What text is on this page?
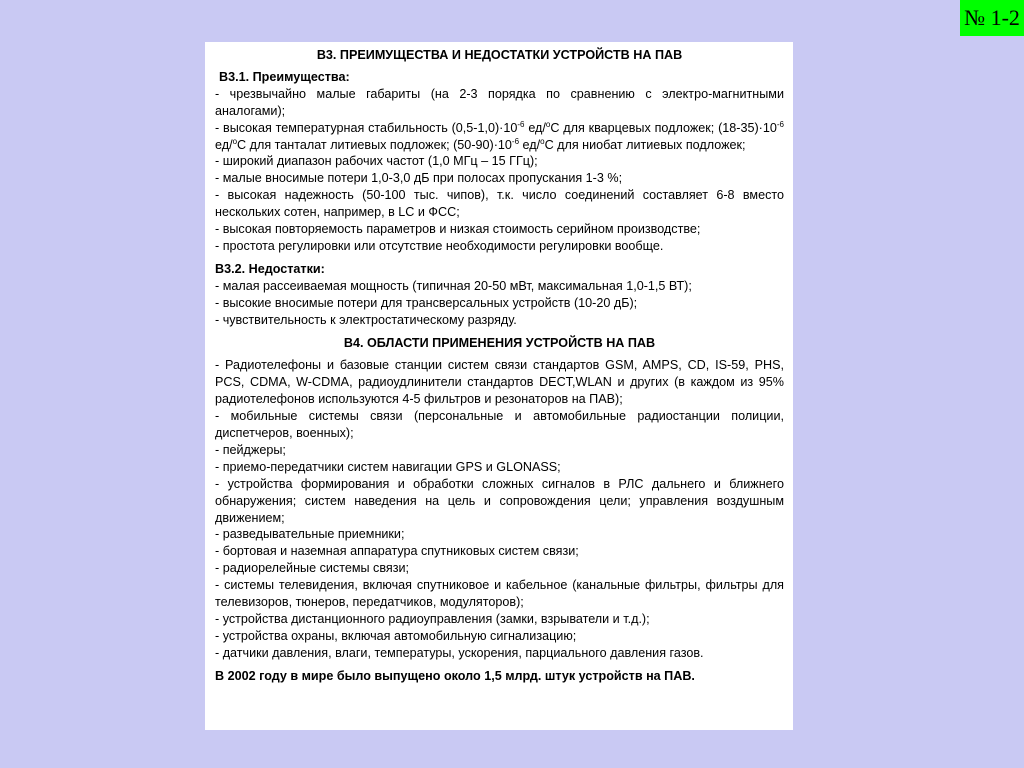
№ 1-2
В3. ПРЕИМУЩЕСТВА И НЕДОСТАТКИ УСТРОЙСТВ НА ПАВ
В3.1. Преимущества:
- чрезвычайно малые габариты (на 2-3 порядка по сравнению с электро-магнитными аналогами);
- высокая температурная стабильность $(0,5-1,0)\cdot 10^{-6}$ ед/$^о$С для кварцевых подложек; $(18-35)\cdot 10^{-6}$ ед/$^о$С для танталат литиевых подложек; $(50-90)\cdot 10^{-6}$ ед/$^о$С для ниобат литиевых подложек;
- широкий диапазон рабочих частот (1,0 МГц – 15 ГГц);
- малые вносимые потери 1,0-3,0 дБ при полосах пропускания 1-3 %;
- высокая надежность (50-100 тыс. чипов), т.к. число соединений составляет 6-8 вместо нескольких сотен, например, в LC и ФСС;
- высокая повторяемость параметров и низкая стоимость серийном производстве;
- простота регулировки или отсутствие необходимости регулировки вообще.
В3.2. Недостатки:
- малая рассеиваемая мощность (типичная 20-50 мВт, максимальная 1,0-1,5 ВТ);
- высокие вносимые потери для трансверсальных устройств (10-20 дБ);
- чувствительность к электростатическому разряду.
В4. ОБЛАСТИ ПРИМЕНЕНИЯ УСТРОЙСТВ НА ПАВ
- Радиотелефоны и базовые станции систем связи стандартов GSM, AMPS, CD, IS-59, PHS, PCS, CDMA, W-CDMA, радиоудлинители стандартов DECT,WLAN и других (в каждом из 95% радиотелефонов используются 4-5 фильтров и резонаторов на ПАВ);
- мобильные системы связи (персональные и автомобильные радиостанции полиции, диспетчеров, военных);
- пейджеры;
- приемо-передатчики систем навигации GPS и GLONASS;
- устройства формирования и обработки сложных сигналов в РЛС дальнего и ближнего обнаружения; систем наведения на цель и сопровождения цели; управления воздушным движением;
- разведывательные приемники;
- бортовая и наземная аппаратура спутниковых систем связи;
- радиорелейные системы связи;
- системы телевидения, включая спутниковое и кабельное (канальные фильтры, фильтры для телевизоров, тюнеров, передатчиков, модуляторов);
- устройства дистанционного радиоуправления (замки, взрыватели и т.д.);
- устройства охраны, включая автомобильную сигнализацию;
- датчики давления, влаги, температуры, ускорения, парциального давления газов.
В 2002 году в мире было выпущено около 1,5 млрд. штук устройств на ПАВ.
